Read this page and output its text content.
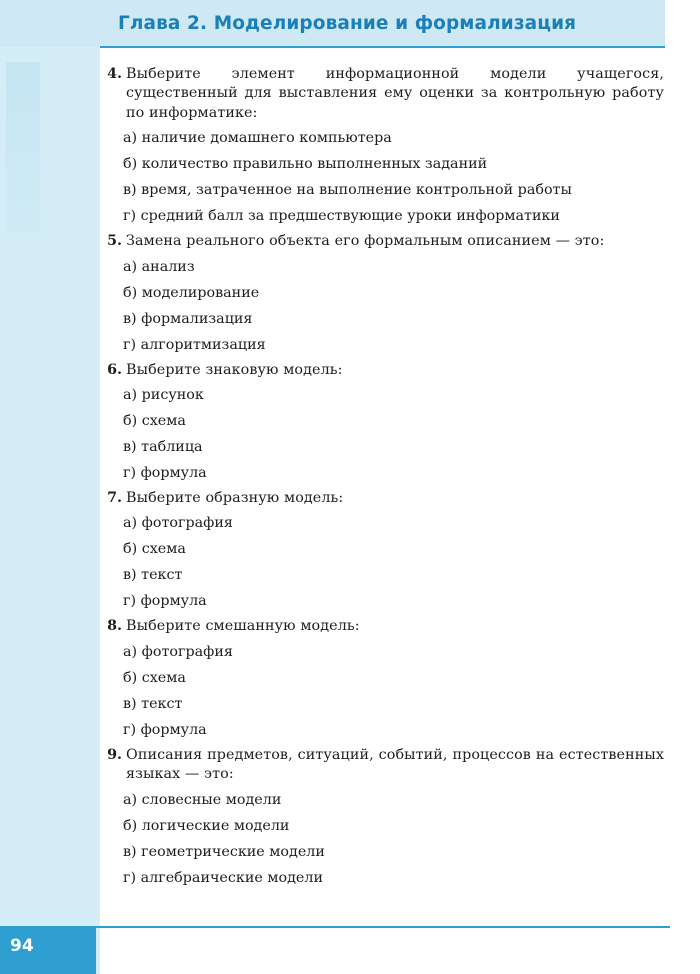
Глава 2. Моделирование и формализация
4. Выберите элемент информационной модели учащегося, существенный для выставления ему оценки за контрольную работу по информатике:
а) наличие домашнего компьютера
б) количество правильно выполненных заданий
в) время, затраченное на выполнение контрольной работы
г) средний балл за предшествующие уроки информатики
5. Замена реального объекта его формальным описанием — это:
а) анализ
б) моделирование
в) формализация
г) алгоритмизация
6. Выберите знаковую модель:
а) рисунок
б) схема
в) таблица
г) формула
7. Выберите образную модель:
а) фотография
б) схема
в) текст
г) формула
8. Выберите смешанную модель:
а) фотография
б) схема
в) текст
г) формула
9. Описания предметов, ситуаций, событий, процессов на естественных языках — это:
а) словесные модели
б) логические модели
в) геометрические модели
г) алгебраические модели
94
